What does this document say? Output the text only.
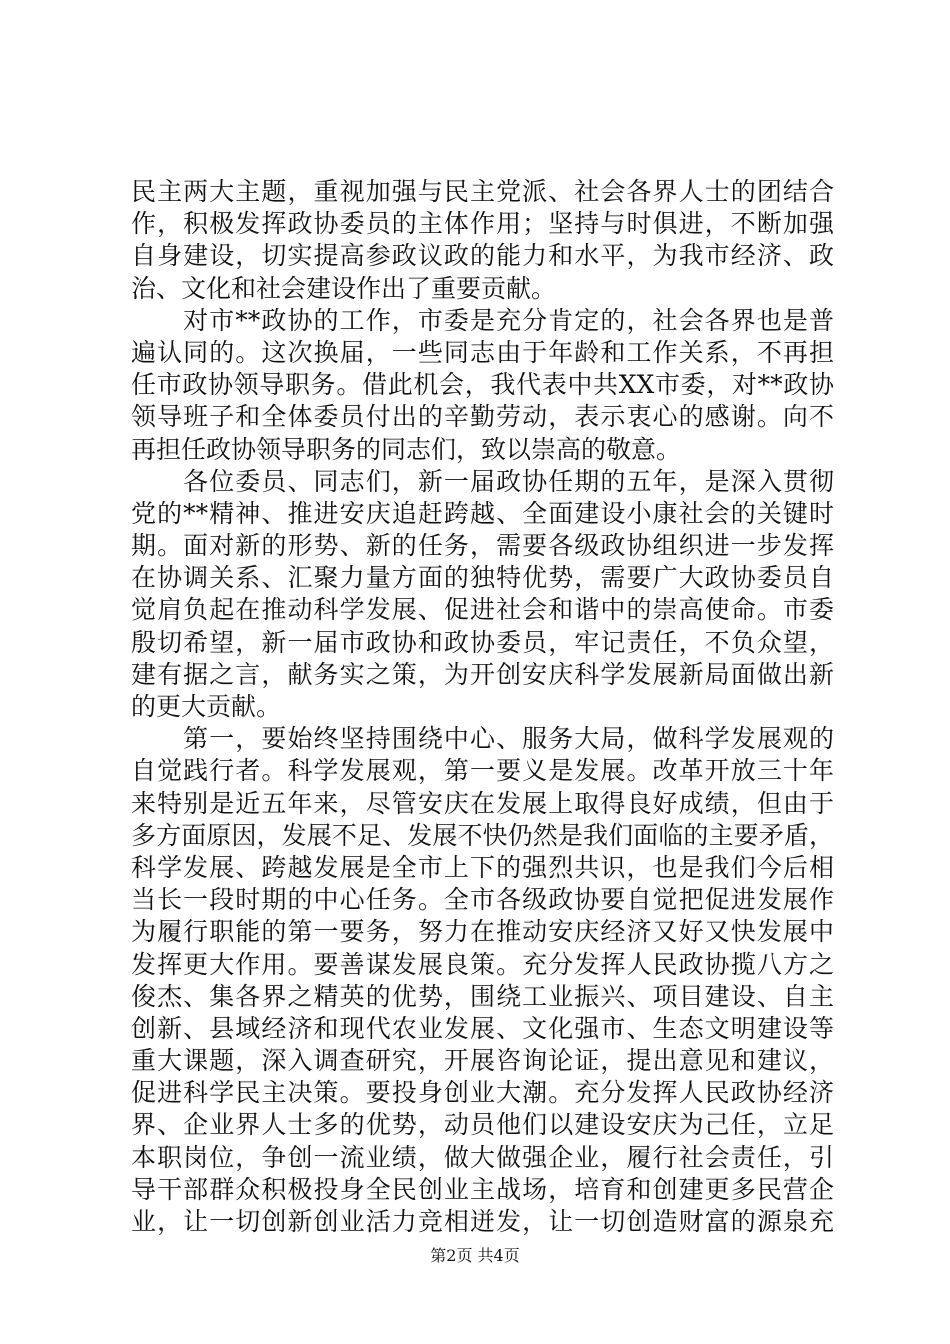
民主两大主题，重视加强与民主党派、社会各界人士的团结合
作，积极发挥政协委员的主体作用；坚持与时俱进，不断加强
自身建设，切实提高参政议政的能力和水平，为我市经济、政
治、文化和社会建设作出了重要贡献。
　　对市**政协的工作，市委是充分肯定的，社会各界也是普
遍认同的。这次换届，一些同志由于年龄和工作关系，不再担
任市政协领导职务。借此机会，我代表中共XX市委，对**政协
领导班子和全体委员付出的辛勤劳动，表示衷心的感谢。向不
再担任政协领导职务的同志们，致以崇高的敬意。
　　各位委员、同志们，新一届政协任期的五年，是深入贯彻
党的**精神、推进安庆追赶跨越、全面建设小康社会的关键时
期。面对新的形势、新的任务，需要各级政协组织进一步发挥
在协调关系、汇聚力量方面的独特优势，需要广大政协委员自
觉肩负起在推动科学发展、促进社会和谐中的崇高使命。市委
殷切希望，新一届市政协和政协委员，牢记责任，不负众望，
建有据之言，献务实之策，为开创安庆科学发展新局面做出新
的更大贡献。
　　第一，要始终坚持围绕中心、服务大局，做科学发展观的
自觉践行者。科学发展观，第一要义是发展。改革开放三十年
来特别是近五年来，尽管安庆在发展上取得良好成绩，但由于
多方面原因，发展不足、发展不快仍然是我们面临的主要矛盾，
科学发展、跨越发展是全市上下的强烈共识，也是我们今后相
当长一段时期的中心任务。全市各级政协要自觉把促进发展作
为履行职能的第一要务，努力在推动安庆经济又好又快发展中
发挥更大作用。要善谋发展良策。充分发挥人民政协揽八方之
俊杰、集各界之精英的优势，围绕工业振兴、项目建设、自主
创新、县域经济和现代农业发展、文化强市、生态文明建设等
重大课题，深入调查研究，开展咨询论证，提出意见和建议，
促进科学民主决策。要投身创业大潮。充分发挥人民政协经济
界、企业界人士多的优势，动员他们以建设安庆为己任，立足
本职岗位，争创一流业绩，做大做强企业，履行社会责任，引
导干部群众积极投身全民创业主战场，培育和创建更多民营企
业，让一切创新创业活力竞相迸发，让一切创造财富的源泉充
第2页 共4页
